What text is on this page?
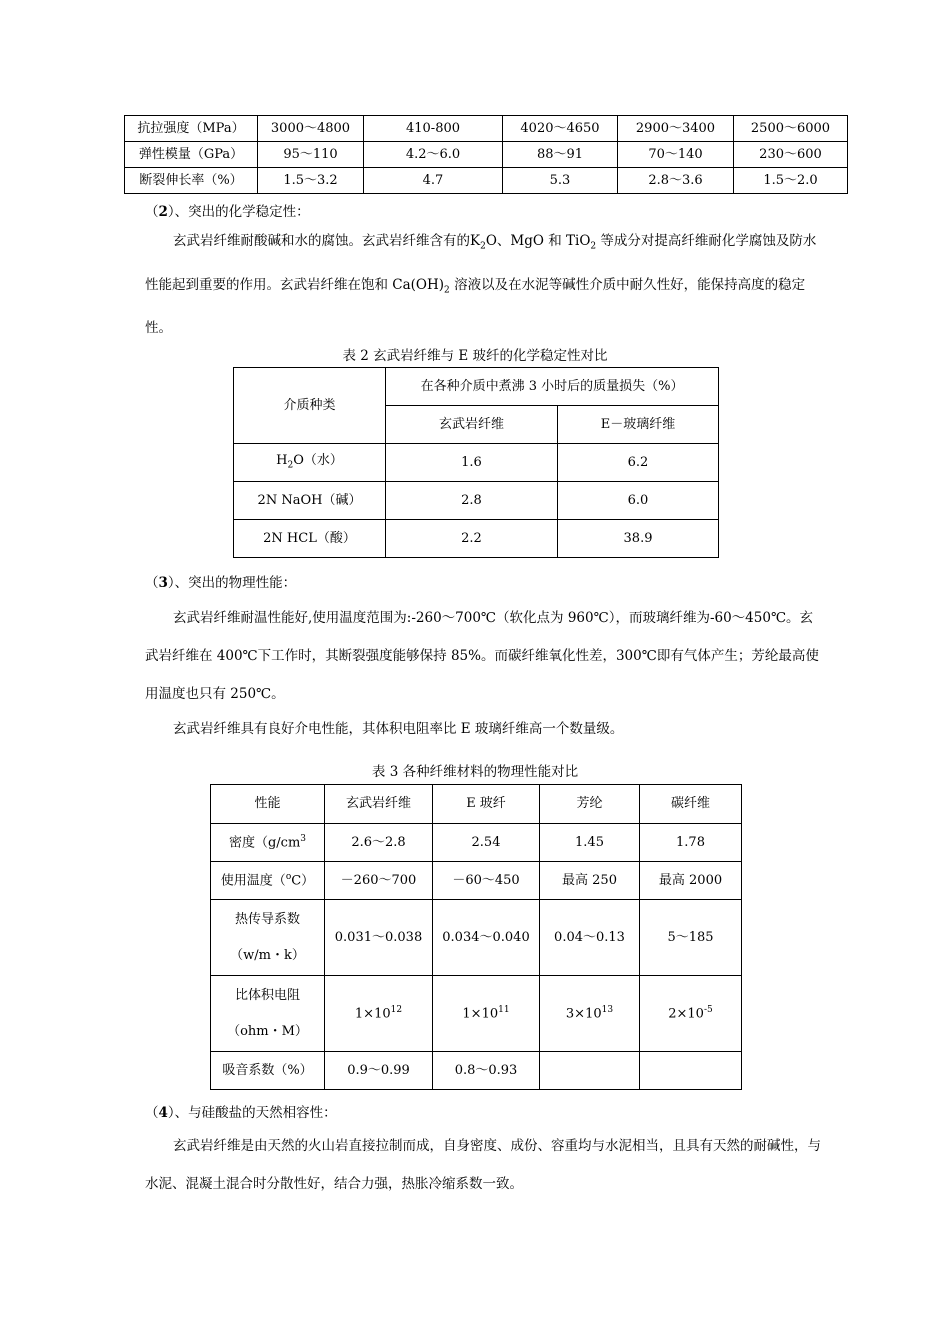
抗拉强度（MPa）	3000～4800	410-800	4020～4650	2900～3400	2500～6000
弹性模量（GPa）	95～110	4.2～6.0	88～91	70～140	230～600
断裂伸长率（%）	1.5～3.2	4.7	5.3	2.8～3.6	1.5～2.0
（2）、突出的化学稳定性：
玄武岩纤维耐酸碱和水的腐蚀。玄武岩纤维含有的$K_2O$、MgO 和 TiO$_2$ 等成分对提高纤维耐化学腐蚀及防水性能起到重要的作用。玄武岩纤维在饱和 $Ca(OH)_2$ 溶液以及在水泥等碱性介质中耐久性好，能保持高度的稳定性。
表 2 玄武岩纤维与 E 玻纤的化学稳定性对比
介质种类	在各种介质中煮沸 3 小时后的质量损失（%）	
	玄武岩纤维	E－玻璃纤维
$H_2O$（水）	1.6	6.2
2N NaOH（碱）	2.8	6.0
2N HCL（酸）	2.2	38.9
（3）、突出的物理性能：
玄武岩纤维耐温性能好,使用温度范围为:-260～700℃（软化点为 960℃），而玻璃纤维为-60～450℃。玄武岩纤维在 400℃下工作时，其断裂强度能够保持 85%。而碳纤维氧化性差，300℃即有气体产生；芳纶最高使用温度也只有 250℃。
玄武岩纤维具有良好介电性能，其体积电阻率比 E 玻璃纤维高一个数量级。
表 3 各种纤维材料的物理性能对比
性能	玄武岩纤维	E 玻纤	芳纶	碳纤维
密度（$g/cm^3$	2.6～2.8	2.54	1.45	1.78
使用温度（$^o$C）	－260～700	－60～450	最高 250	最高 2000

热传导系数
（w/m・k）	0.031～0.038	0.034～0.040	0.04～0.13	5～185

比体积电阻
（ohm・M）	$1\times 10^{12}$	$1\times 10^{11}$	$3\times 10^{13}$	$2\times 10^{-5}$
吸音系数（%）	0.9～0.99	0.8～0.93		
（4）、与硅酸盐的天然相容性：
玄武岩纤维是由天然的火山岩直接拉制而成，自身密度、成份、容重均与水泥相当，且具有天然的耐碱性，与水泥、混凝土混合时分散性好，结合力强，热胀冷缩系数一致。
